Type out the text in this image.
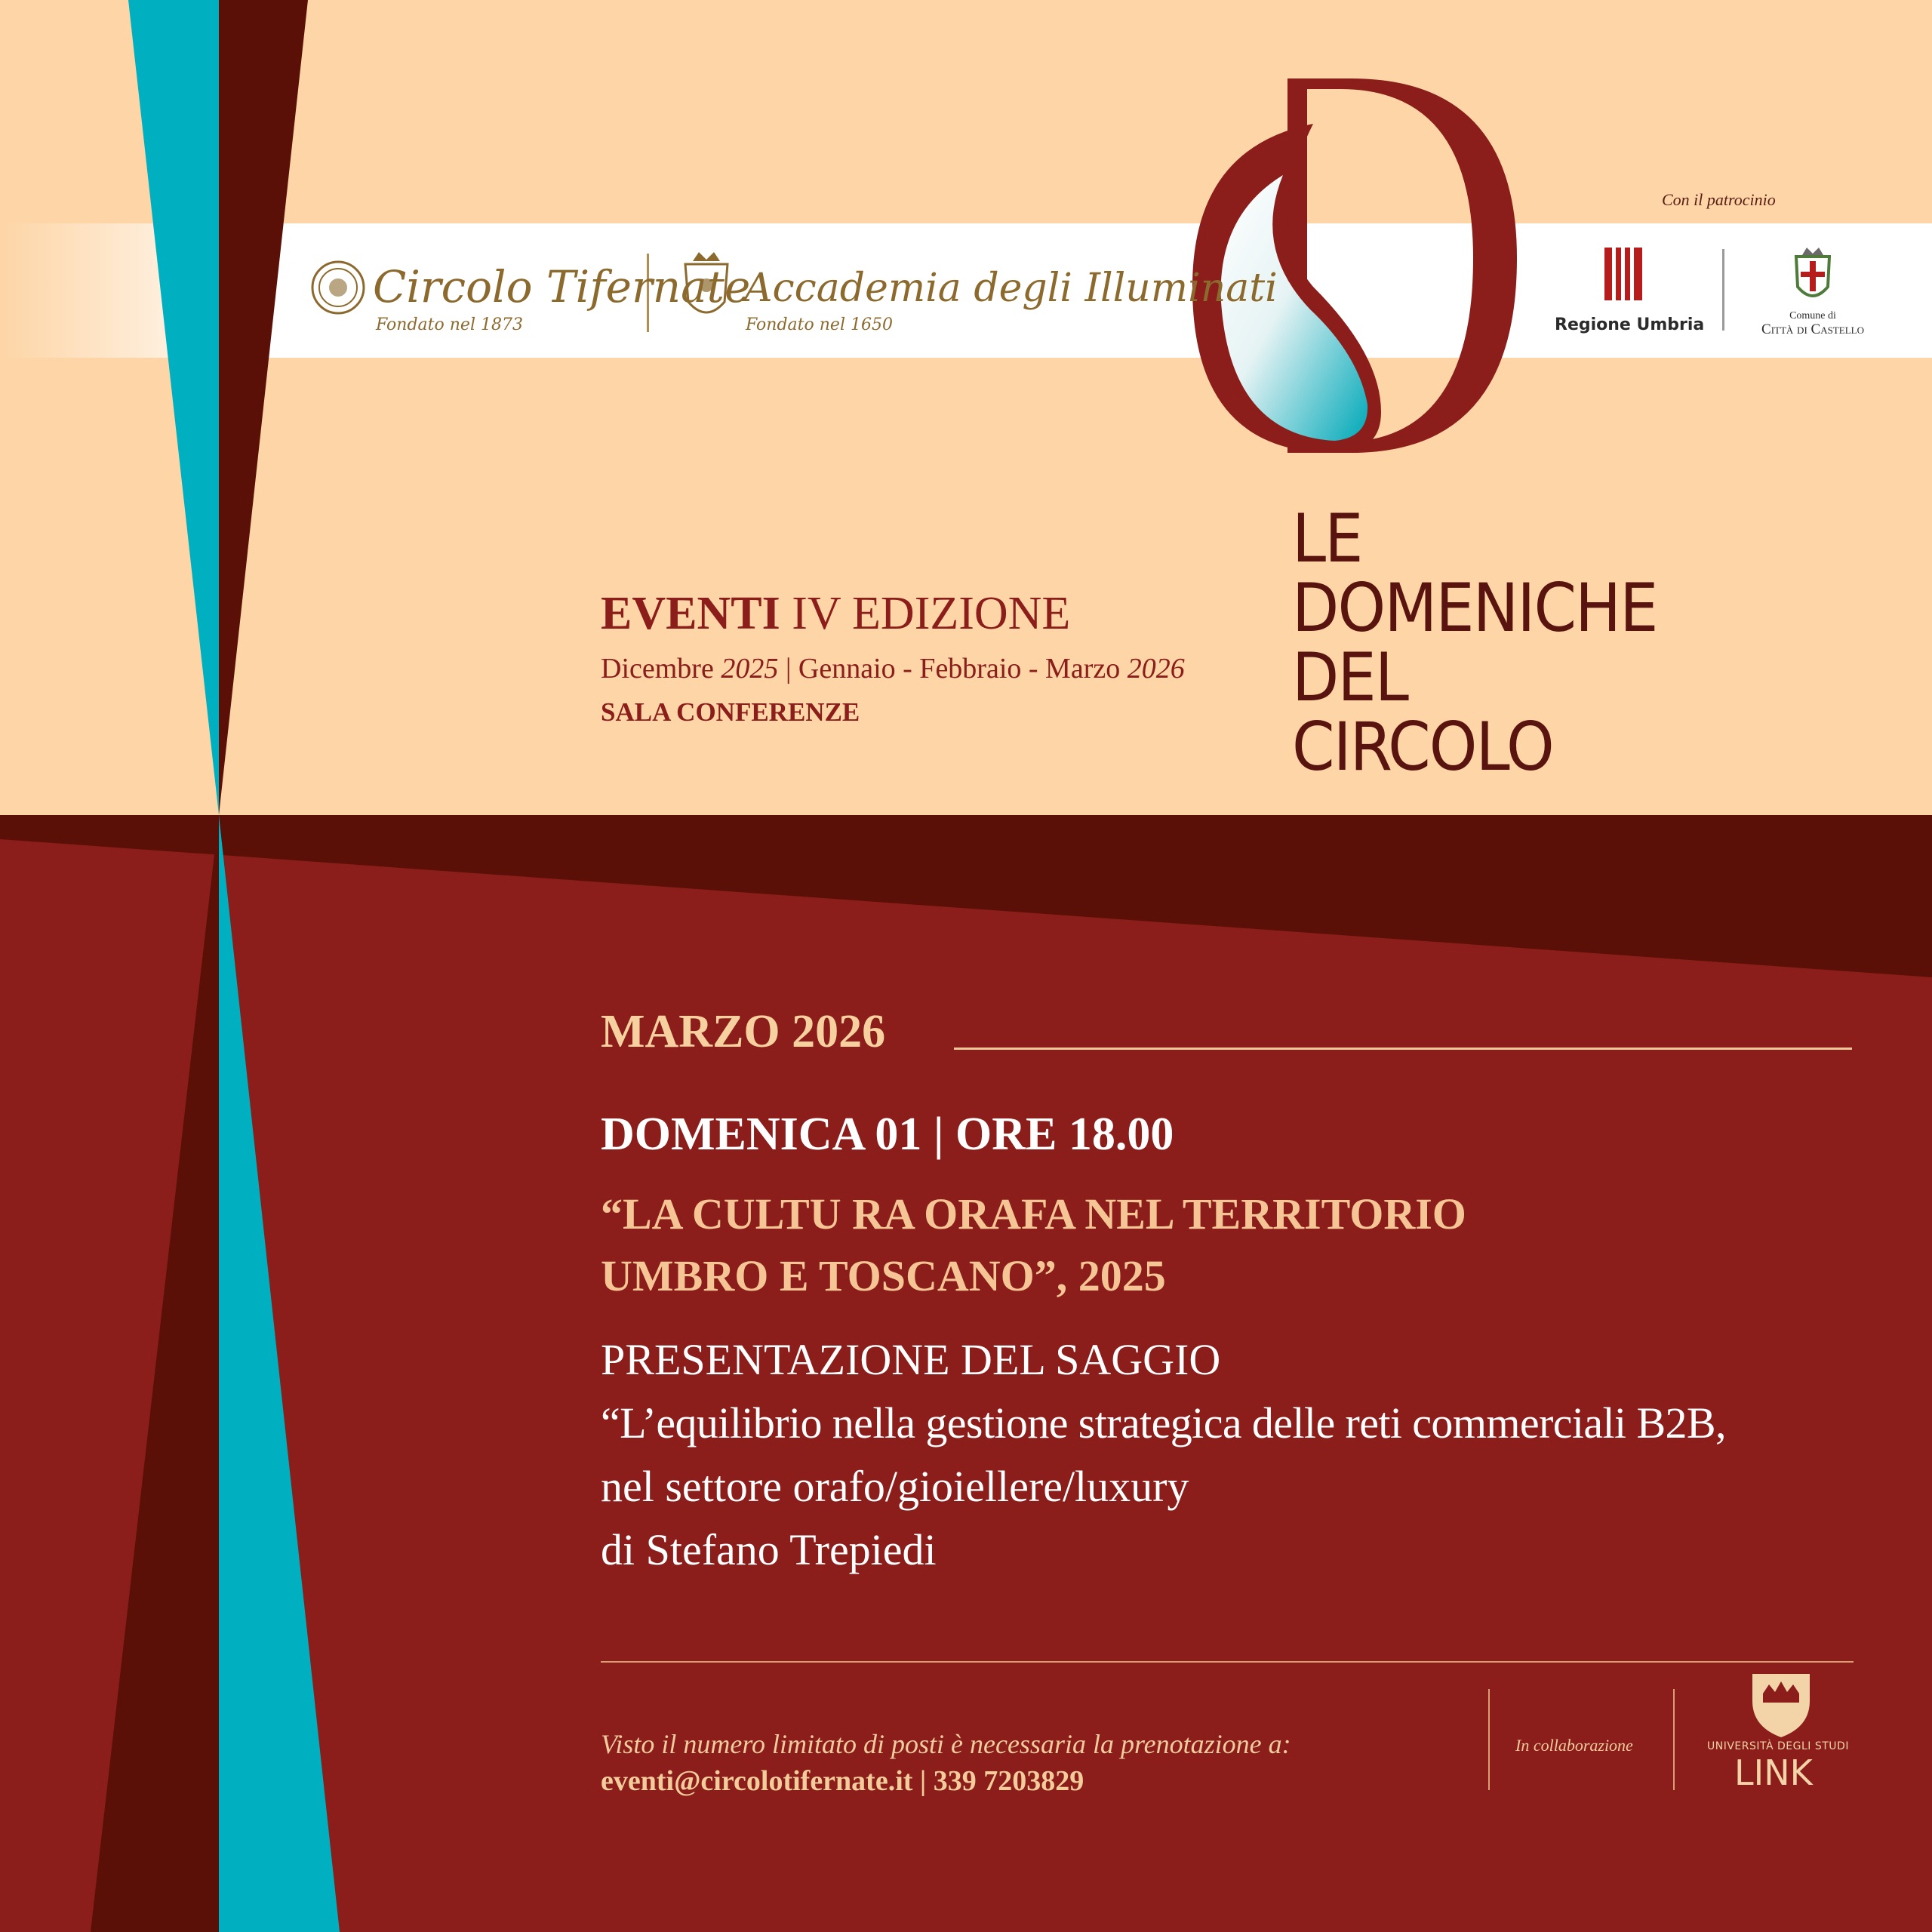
Circolo Tifernate
Fondato nel 1873
Accademia degli Illuminati
Fondato nel 1650
Con il patrocinio
Regione Umbria	Comune di
Città di Castello
EVENTI IV EDIZIONE
Dicembre 2025 | Gennaio - Febbraio - Marzo 2026
SALA CONFERENZE
LE
DOMENICHE
DEL
CIRCOLO
MARZO 2026
DOMENICA 01 | ORE 18.00
“LA CULTU RA ORAFA NEL TERRITORIO
UMBRO E TOSCANO”, 2025
PRESENTAZIONE DEL SAGGIO
“L’equilibrio nella gestione strategica delle reti commerciali B2B,
nel settore orafo/gioiellere/luxury
di Stefano Trepiedi
Visto il numero limitato di posti è necessaria la prenotazione a:
eventi@circolotifernate.it | 339 7203829
In collaborazione	UNIVERSITÀ DEGLI STUDI
LINK
